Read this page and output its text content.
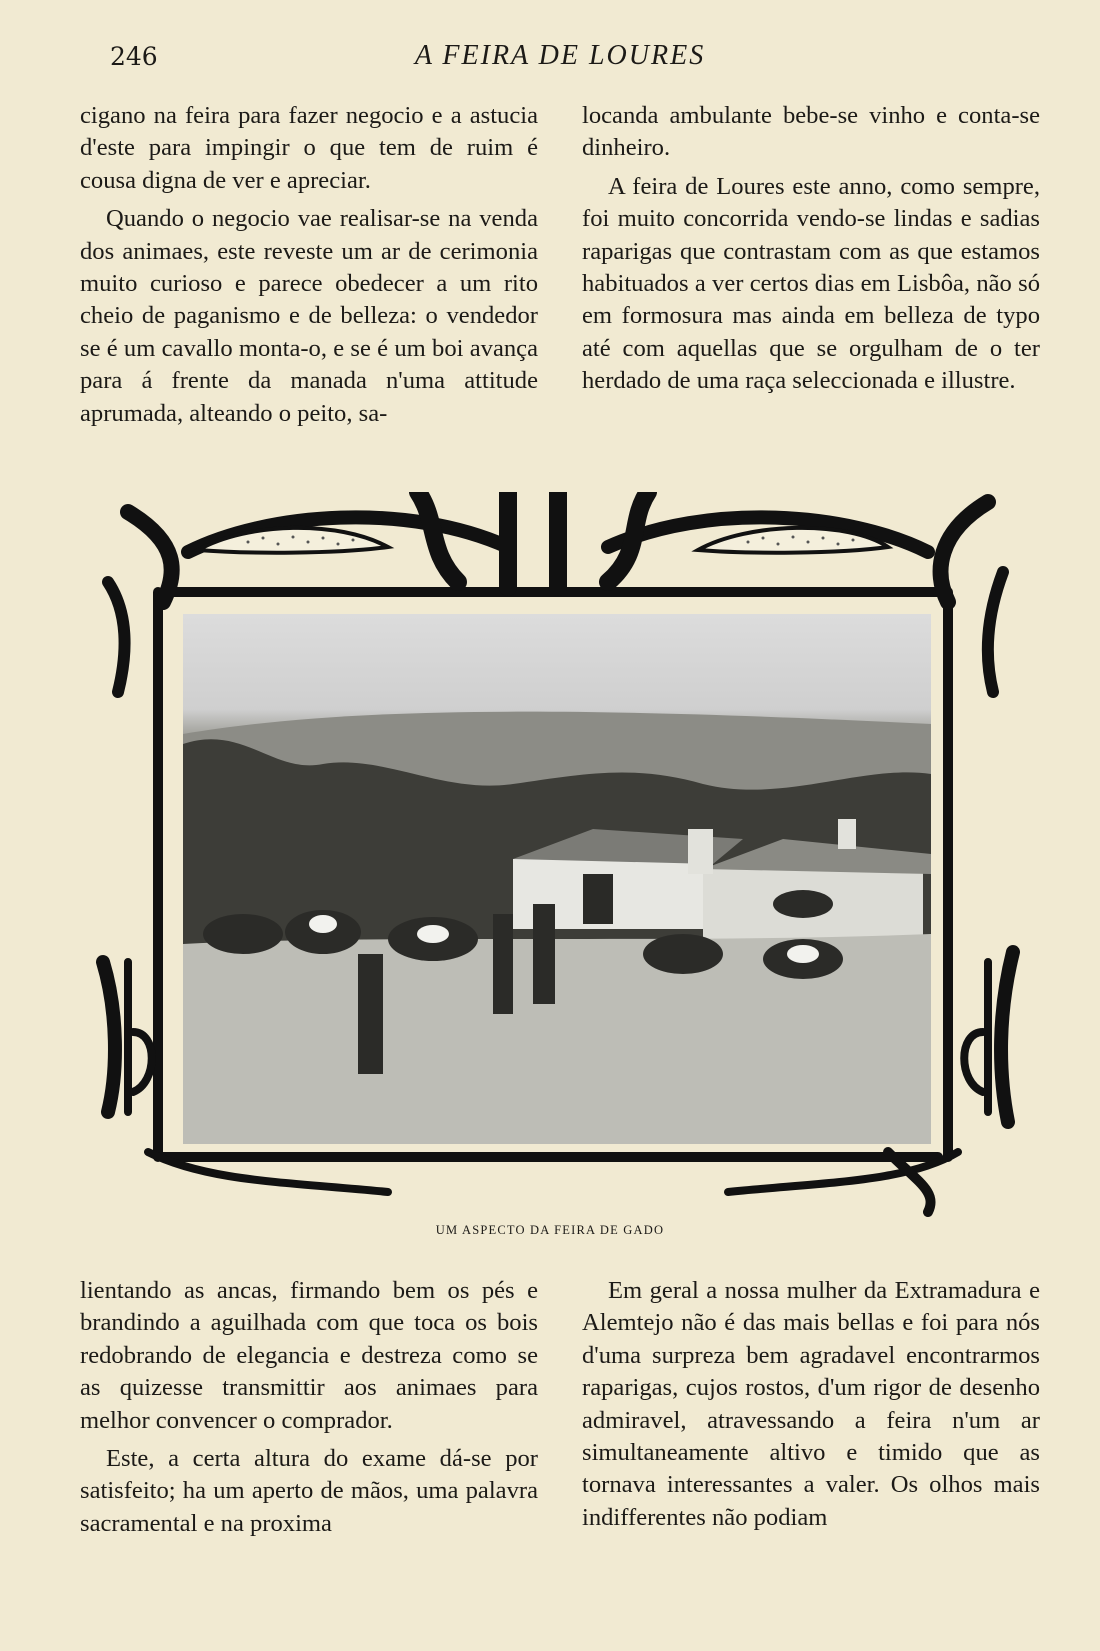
246	A FEIRA DE LOURES

cigano na feira para fazer negocio e a astucia d'este para impingir o que tem de ruim é cousa digna de ver e apreciar.

Quando o negocio vae realisar-se na venda dos animaes, este reveste um ar de cerimonia muito curioso e parece obedecer a um rito cheio de paganismo e de belleza: o vendedor se é um cavallo monta-o, e se é um boi avança para á frente da manada n'uma attitude aprumada, alteando o peito, sa-

locanda ambulante bebe-se vinho e conta-se dinheiro.

A feira de Loures este anno, como sempre, foi muito concorrida vendo-se lindas e sadias raparigas que contrastam com as que estamos habituados a ver certos dias em Lisbôa, não só em formosura mas ainda em belleza de typo até com aquellas que se orgulham de o ter herdado de uma raça seleccionada e illustre.

UM ASPECTO DA FEIRA DE GADO

lientando as ancas, firmando bem os pés e brandindo a aguilhada com que toca os bois redobrando de elegancia e destreza como se as quizesse transmittir aos animaes para melhor convencer o comprador.

Este, a certa altura do exame dá-se por satisfeito; ha um aperto de mãos, uma palavra sacramental e na proxima

Em geral a nossa mulher da Extramadura e Alemtejo não é das mais bellas e foi para nós d'uma surpreza bem agradavel encontrarmos raparigas, cujos rostos, d'um rigor de desenho admiravel, atravessando a feira n'um ar simultaneamente altivo e timido que as tornava interessantes a valer. Os olhos mais indifferentes não podiam
